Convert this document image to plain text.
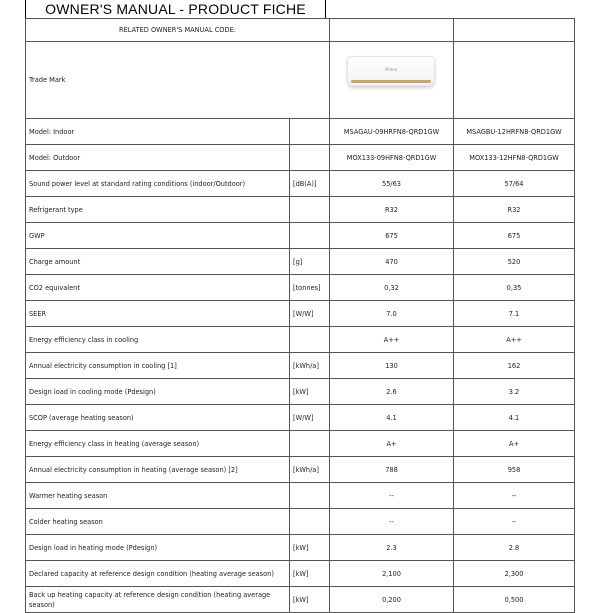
OWNER'S MANUAL - PRODUCT FICHE
RELATED OWNER'S MANUAL CODE:			
Trade Mark		Midea	

Model: Indoor		MSAGAU-09HRFN8-QRD1GW	MSAGBU-12HRFN8-QRD1GW
Model: Outdoor		MOX133-09HFN8-QRD1GW	MOX133-12HFN8-QRD1GW
Sound power level at standard rating conditions (indoor/Outdoor)	[dB(A)]	55/63	57/64
Refrigerant type		R32	R32
GWP		675	675
Charge amount	[g]	470	520
CO2 equivalent	[tonnes]	0,32	0,35
SEER	[W/W]	7.0	7.1
Energy efficiency class in cooling		A++	A++
Annual electricity consumption in cooling [1]	[kWh/a]	130	162
Design load in cooling mode (Pdesign)	[kW]	2.6	3.2
SCOP (average heating season)	[W/W]	4.1	4.1
Energy efficiency class in heating (average season)		A+	A+
Annual electricity consumption in heating (average season) [2]	[kWh/a]	788	958
Warmer heating season		--	--
Colder heating season		--	--
Design load in heating mode (Pdesign)	[kW]	2.3	2.8
Declared capacity at reference design condition (heating average season)	[kW]	2,100	2,300
Back up heating capacity at reference design condition (heating average season)	[kW]	0,200	0,500
